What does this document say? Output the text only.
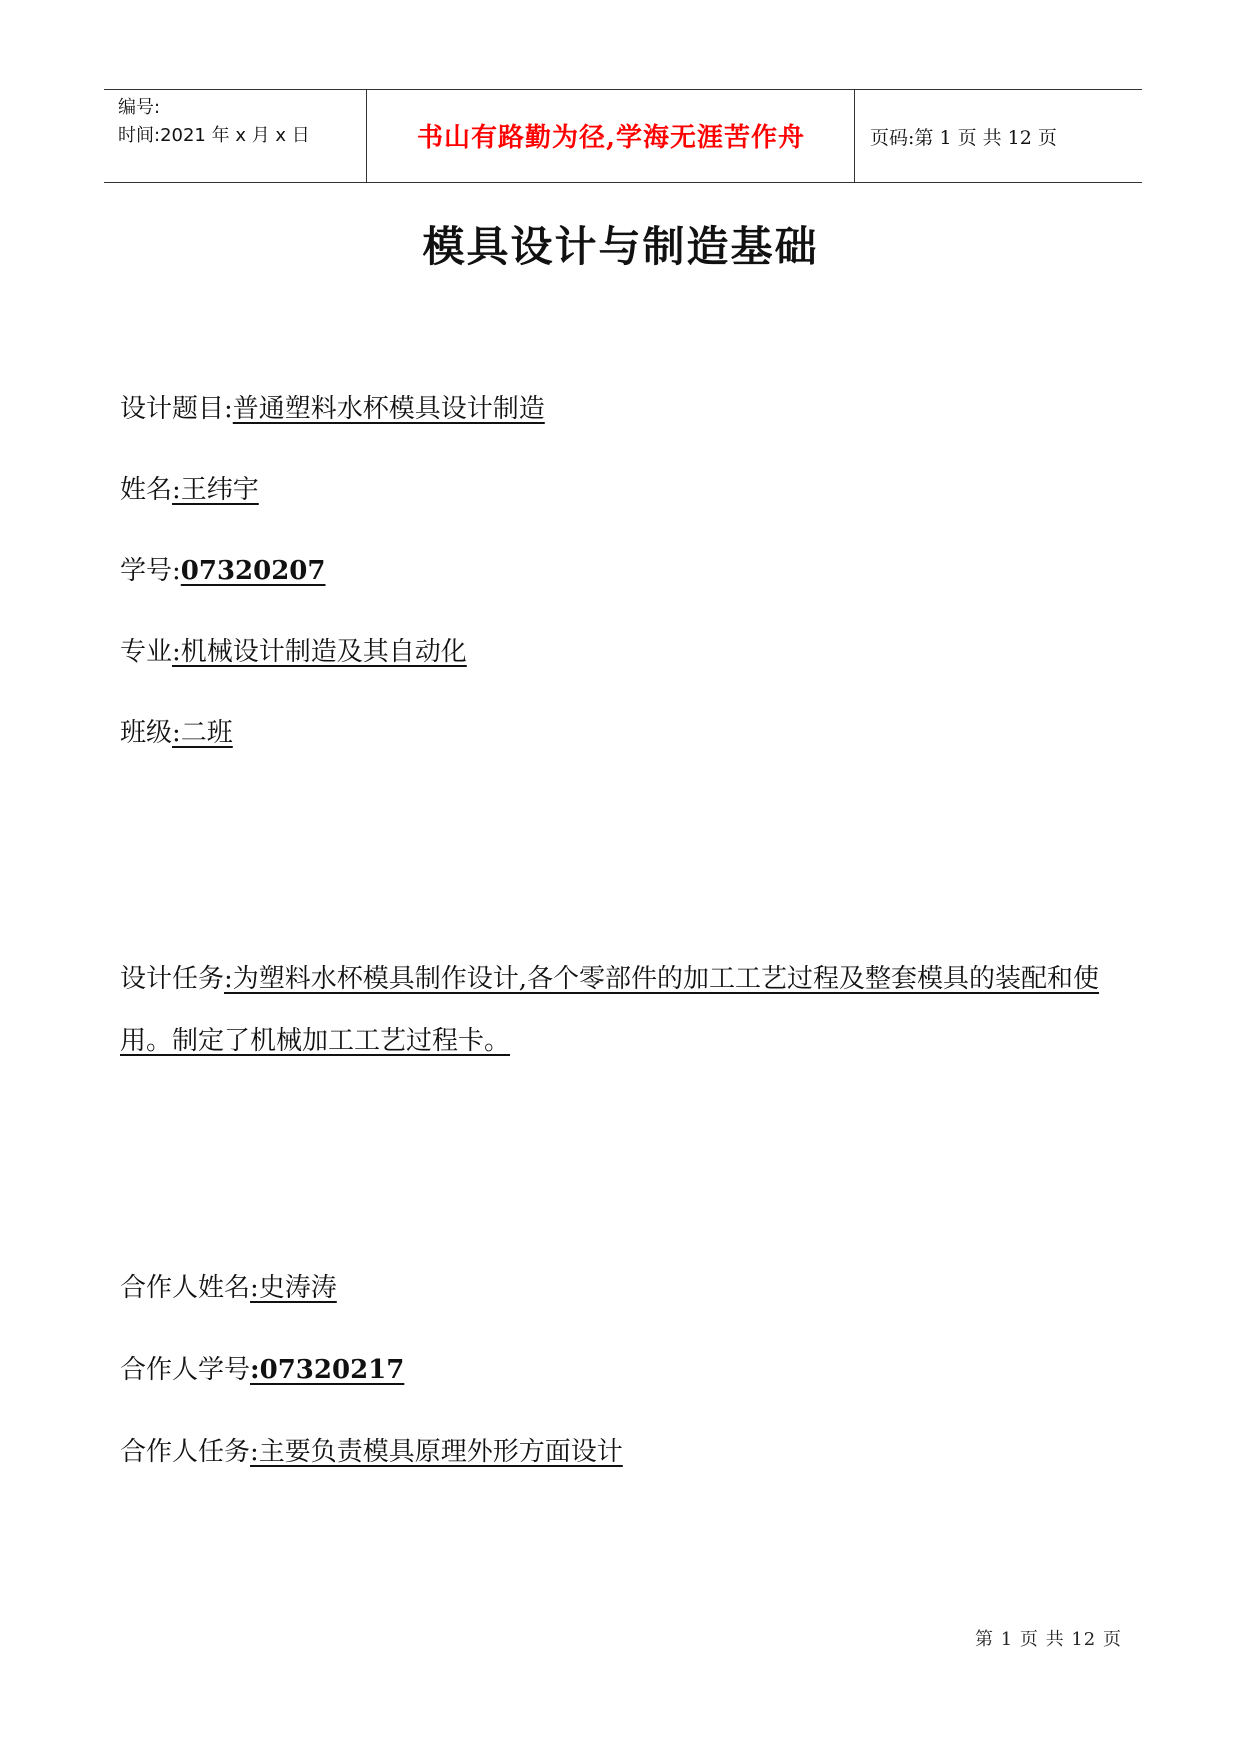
编号:
时间:2021 年 x 月 x 日	书山有路勤为径,学海无涯苦作舟	页码:第 1 页 共 12 页
模具设计与制造基础
设计题目:普通塑料水杯模具设计制造
姓名:王纬宇
学号:07320207
专业:机械设计制造及其自动化
班级:二班
设计任务:为塑料水杯模具制作设计,各个零部件的加工工艺过程及整套模具的装配和使用。制定了机械加工工艺过程卡。
合作人姓名:史涛涛
合作人学号:07320217
合作人任务:主要负责模具原理外形方面设计
第 1 页 共 12 页
